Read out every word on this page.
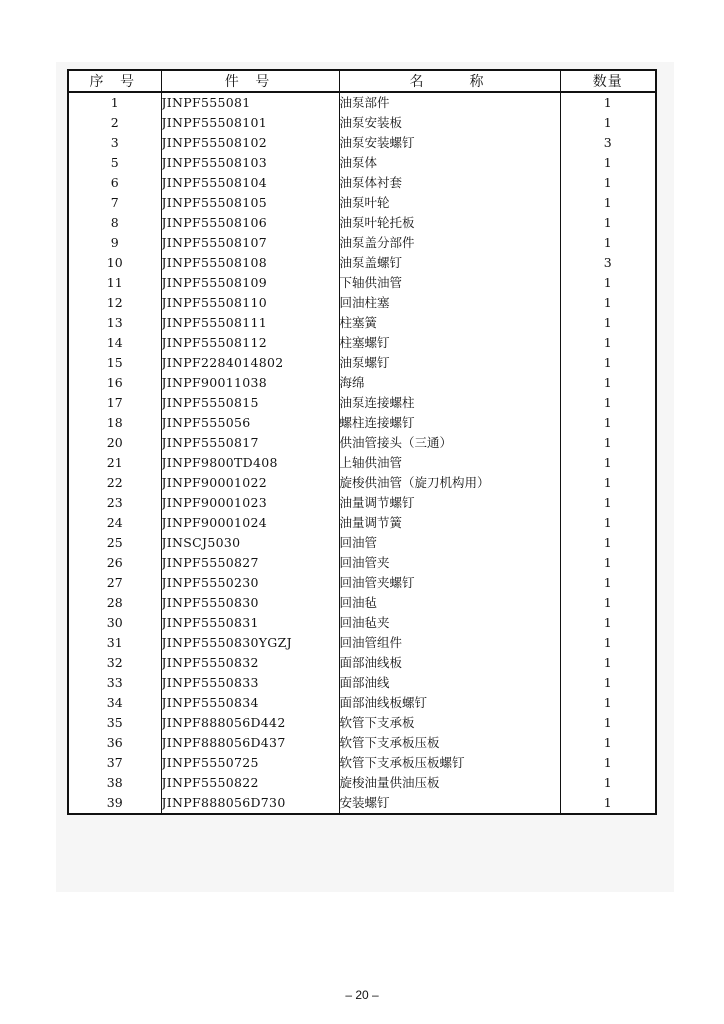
序 号	件 号	名　　称	数量
1	JINPF555081	油泵部件	1
2	JINPF55508101	油泵安装板	1
3	JINPF55508102	油泵安装螺钉	3
5	JINPF55508103	油泵体	1
6	JINPF55508104	油泵体衬套	1
7	JINPF55508105	油泵叶轮	1
8	JINPF55508106	油泵叶轮托板	1
9	JINPF55508107	油泵盖分部件	1
10	JINPF55508108	油泵盖螺钉	3
11	JINPF55508109	下轴供油管	1
12	JINPF55508110	回油柱塞	1
13	JINPF55508111	柱塞簧	1
14	JINPF55508112	柱塞螺钉	1
15	JINPF2284014802	油泵螺钉	1
16	JINPF90011038	海绵	1
17	JINPF5550815	油泵连接螺柱	1
18	JINPF555056	螺柱连接螺钉	1
20	JINPF5550817	供油管接头（三通）	1
21	JINPF9800TD408	上轴供油管	1
22	JINPF90001022	旋梭供油管（旋刀机构用）	1
23	JINPF90001023	油量调节螺钉	1
24	JINPF90001024	油量调节簧	1
25	JINSCJ5030	回油管	1
26	JINPF5550827	回油管夹	1
27	JINPF5550230	回油管夹螺钉	1
28	JINPF5550830	回油毡	1
30	JINPF5550831	回油毡夹	1
31	JINPF5550830YGZJ	回油管组件	1
32	JINPF5550832	面部油线板	1
33	JINPF5550833	面部油线	1
34	JINPF5550834	面部油线板螺钉	1
35	JINPF888056D442	软管下支承板	1
36	JINPF888056D437	软管下支承板压板	1
37	JINPF5550725	软管下支承板压板螺钉	1
38	JINPF5550822	旋梭油量供油压板	1
39	JINPF888056D730	安装螺钉	1
– 20 –
